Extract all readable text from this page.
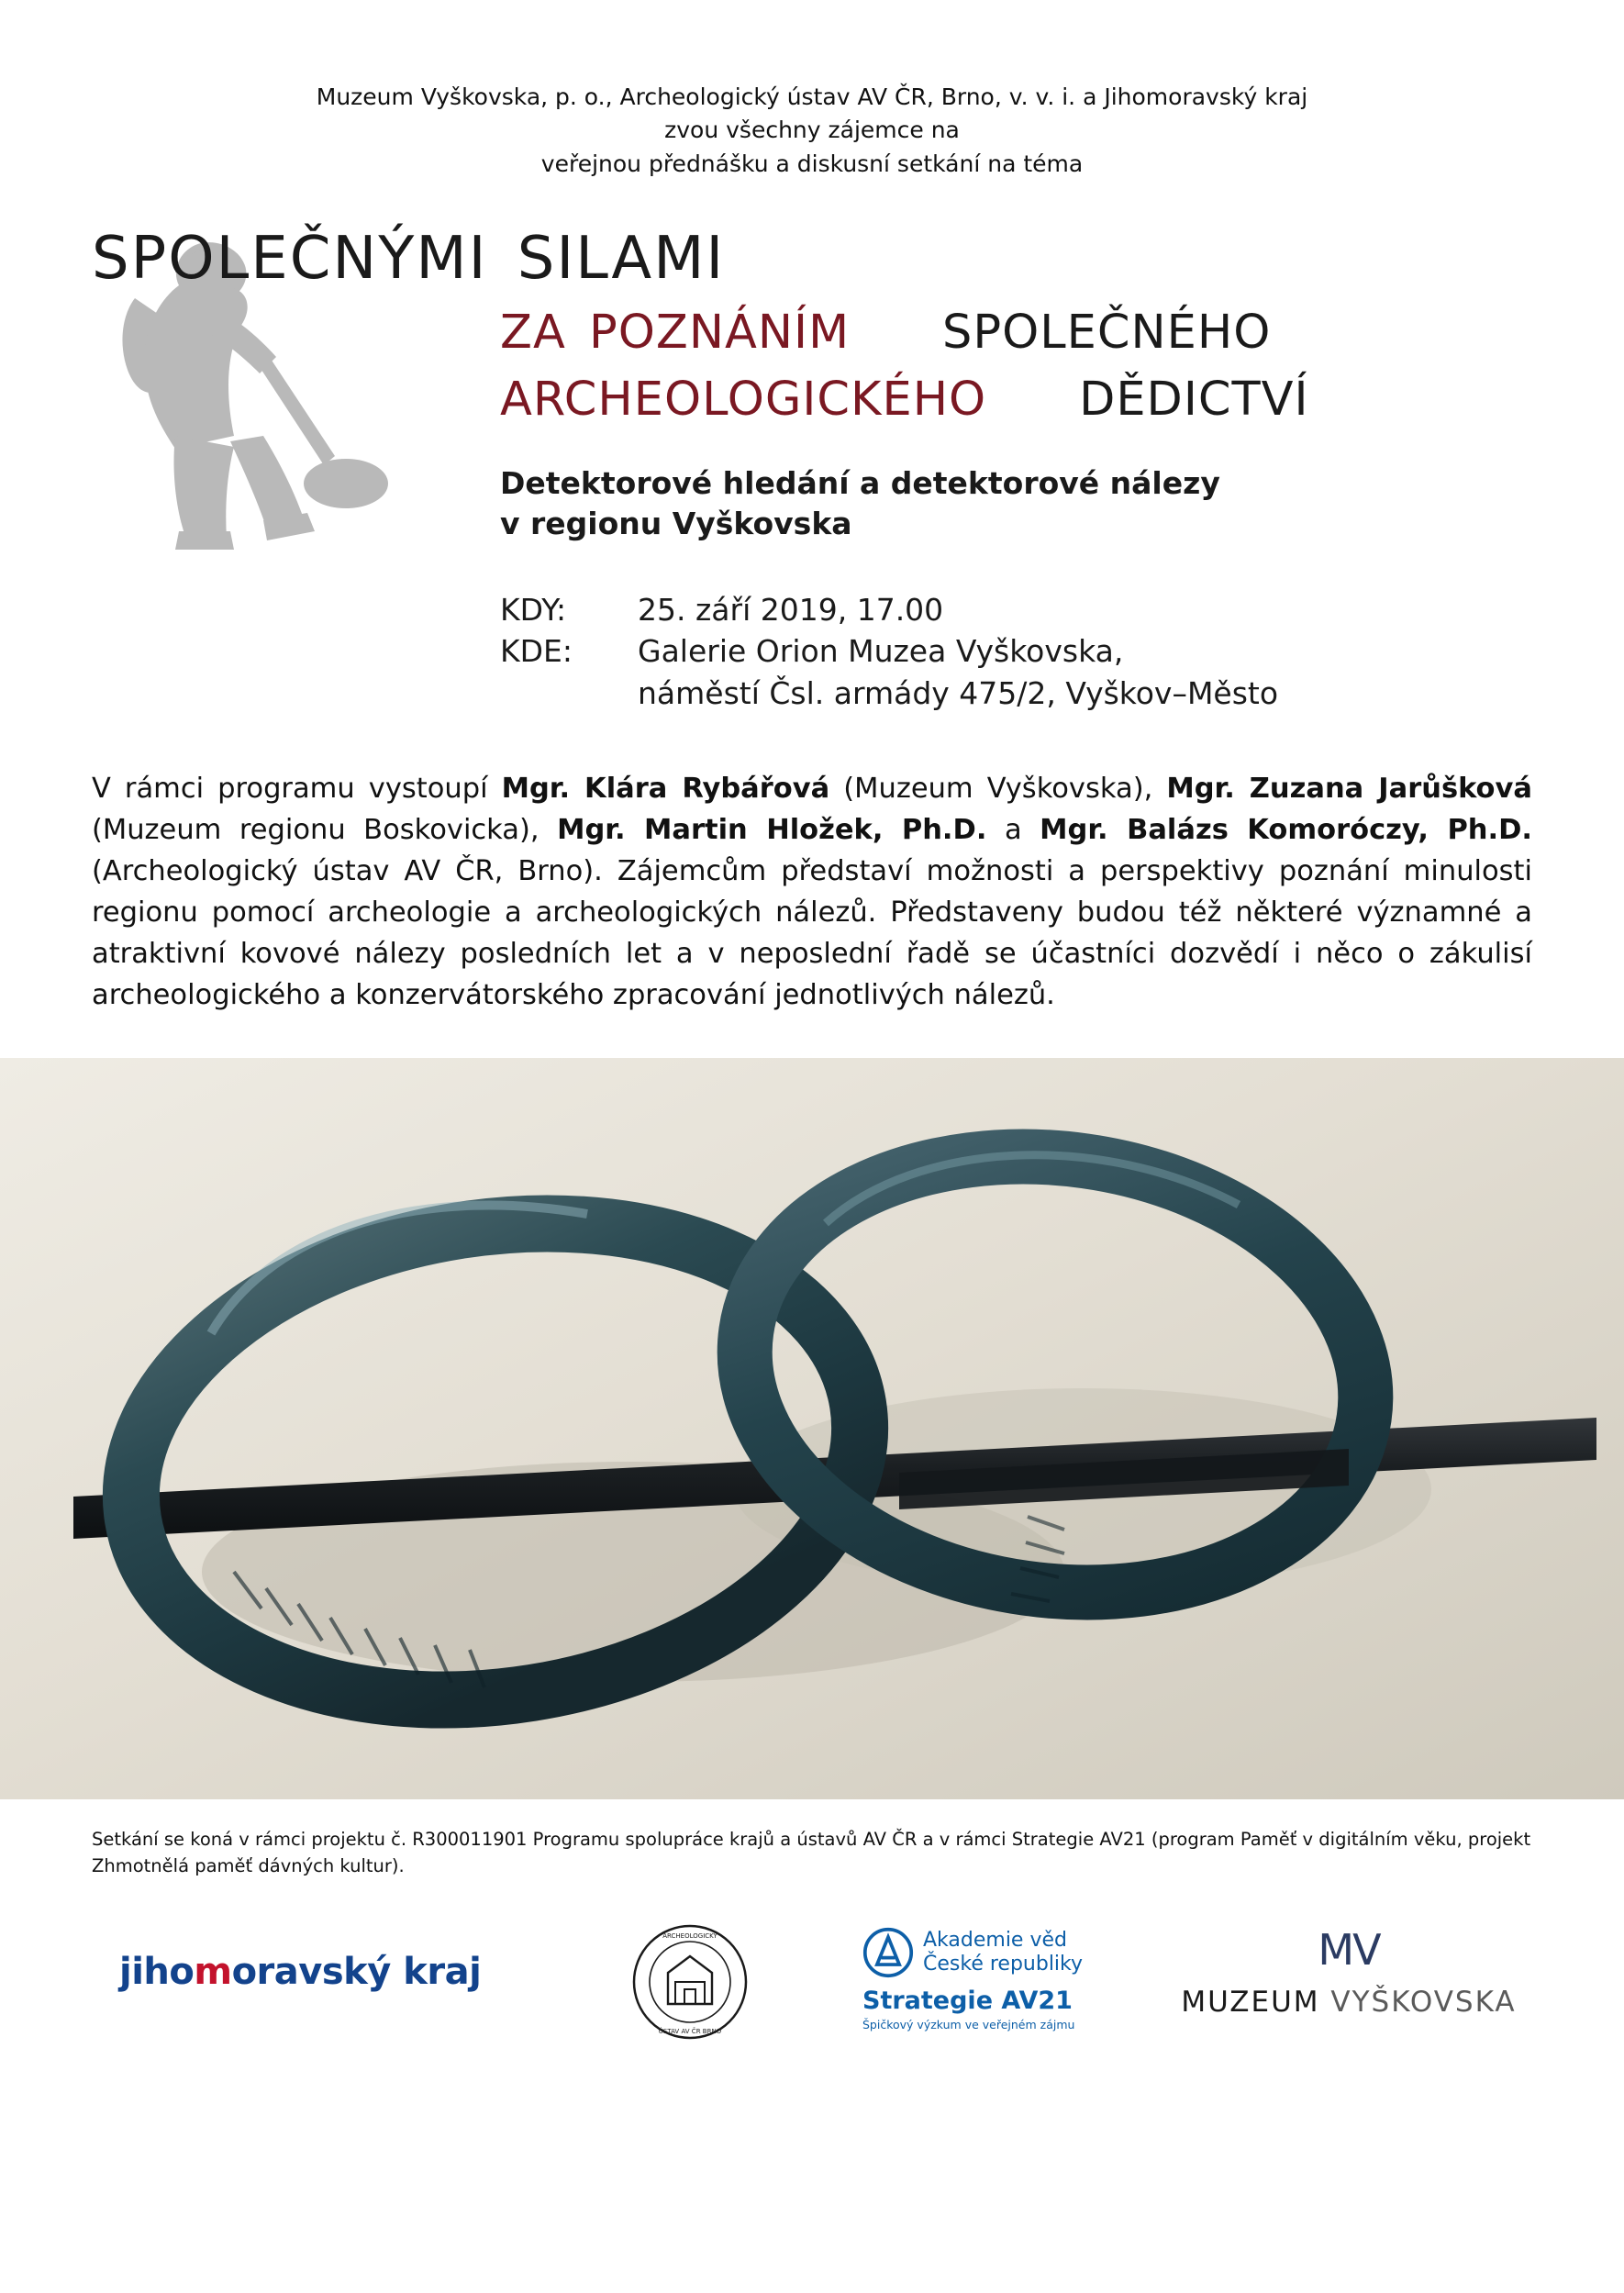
Muzeum Vyškovska, p. o., Archeologický ústav AV ČR, Brno, v. v. i. a Jihomoravský kraj
zvou všechny zájemce na
veřejnou přednášku a diskusní setkání na téma
SPOLEČNÝMI SILAMI
ZA POZNÁNÍM SPOLEČNÉHO
ARCHEOLOGICKÉHO DĚDICTVÍ
Detektorové hledání a detektorové nálezy
v regionu Vyškovska
KDY:	25. září 2019, 17.00
KDE:	Galerie Orion Muzea Vyškovska,
náměstí Čsl. armády 475/2, Vyškov–Město
V rámci programu vystoupí Mgr. Klára Rybářová (Muzeum Vyškovska), Mgr. Zuzana Jarůšková (Muzeum regionu Boskovicka), Mgr. Martin Hložek, Ph.D. a Mgr. Balázs Komoróczy, Ph.D. (Archeologický ústav AV ČR, Brno). Zájemcům představí možnosti a perspektivy poznání minulosti regionu pomocí archeologie a archeologických nálezů. Představeny budou též některé významné a atraktivní kovové nálezy posledních let a v neposlední řadě se účastníci dozvědí i něco o zákulisí archeologického a konzervátorského zpracování jednotlivých nálezů.
Setkání se koná v rámci projektu č. R300011901 Programu spolupráce krajů a ústavů AV ČR a v rámci Strategie AV21 (program Paměť v digitálním věku, projekt Zhmotnělá paměť dávných kultur).
jihomoravský kraj
ARCHEOLOGICKÝ
ÚSTAV AV ČR BRNO
Akademie věd
České republiky
Strategie AV21
Špičkový výzkum ve veřejném zájmu
MV
MUZEUM VYŠKOVSKA
